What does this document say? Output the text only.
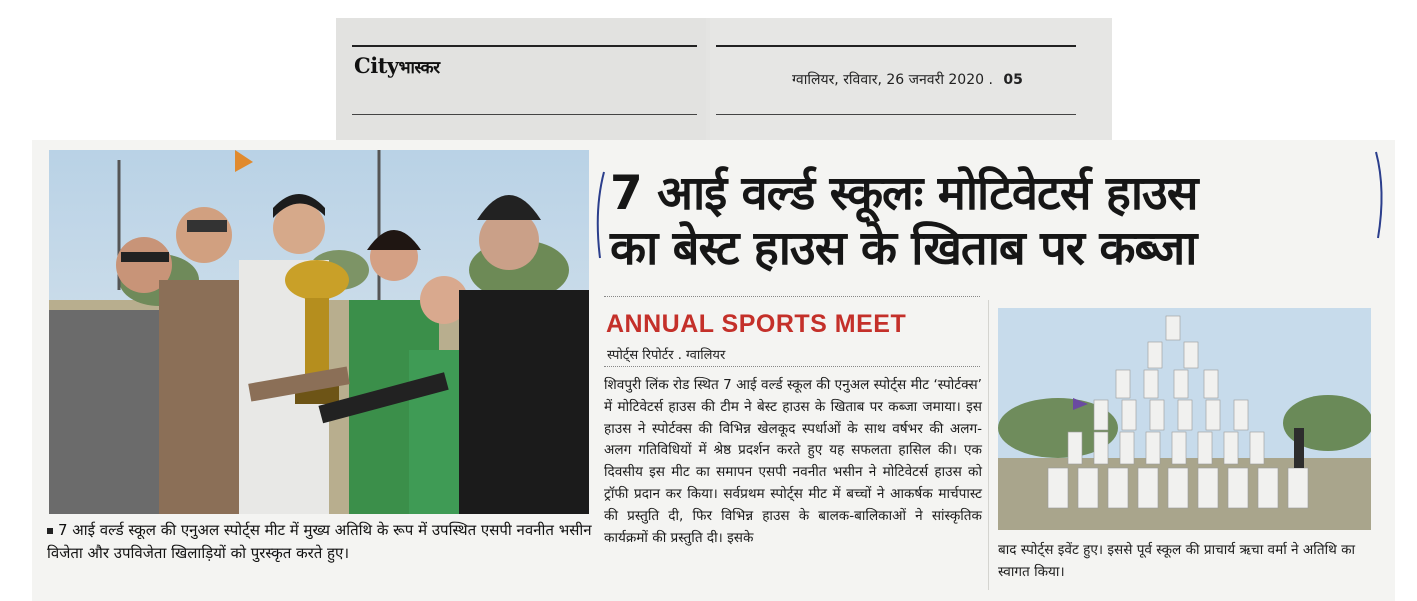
Cityभास्कर
ग्वालियर, रविवार, 26 जनवरी 2020 . 05
7 आई वर्ल्ड स्कूल की एनुअल स्पोर्ट्स मीट में मुख्य अतिथि के रूप में उपस्थित एसपी नवनीत भसीन विजेता और उपविजेता खिलाड़ियों को पुरस्कृत करते हुए।
7 आई वर्ल्ड स्कूलः मोटिवेटर्स हाउस
का बेस्ट हाउस के खिताब पर कब्जा
ANNUAL SPORTS MEET
स्पोर्ट्स रिपोर्टर . ग्वालियर

शिवपुरी लिंक रोड स्थित 7 आई वर्ल्ड स्कूल की एनुअल स्पोर्ट्स मीट ‘स्पोर्टक्स’ में मोटिवेटर्स हाउस की टीम ने बेस्ट हाउस के खिताब पर कब्जा जमाया। इस हाउस ने स्पोर्टक्स की विभिन्न खेलकूद स्पर्धाओं के साथ वर्षभर की अलग-अलग गतिविधियों में श्रेष्ठ प्रदर्शन करते हुए यह सफलता हासिल की। एक दिवसीय इस मीट का समापन एसपी नवनीत भसीन ने मोटिवेटर्स हाउस को ट्रॉफी प्रदान कर किया। सर्वप्रथम स्पोर्ट्स मीट में बच्चों ने आकर्षक मार्चपास्ट की प्रस्तुति दी, फिर विभिन्न हाउस के बालक-बालिकाओं ने सांस्कृतिक कार्यक्रमों की प्रस्तुति दी। इसके

बाद स्पोर्ट्स इवेंट हुए। इससे पूर्व स्कूल की प्राचार्य ऋचा वर्मा ने अतिथि का स्वागत किया।
